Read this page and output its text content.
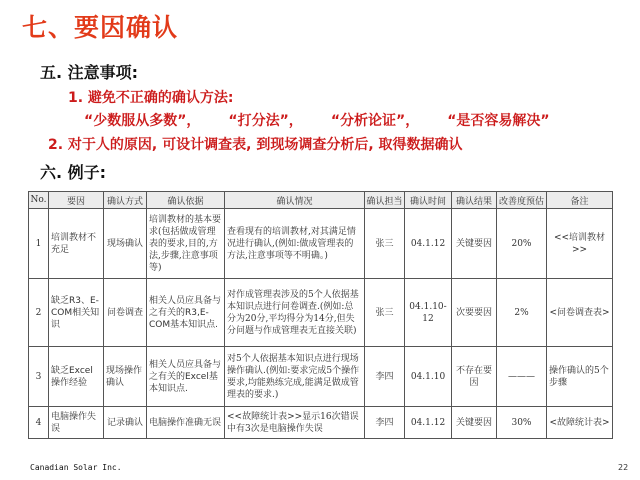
七、要因确认
五. 注意事项:
1. 避免不正确的确认方法:
“少数服从多数”， “打分法”， “分析论证”， “是否容易解决”
2. 对于人的原因, 可设计调查表, 到现场调查分析后, 取得数据确认
六. 例子:
No.	要因	确认方式	确认依据	确认情况	确认担当	确认时间	确认结果	改善度预估	备注
1	培训教材不充足	现场确认	培训教材的基本要求(包括做成管理表的要求,目的,方法,步骤,注意事项等)	查看现有的培训教材,对其满足情况进行确认,(例如:做成管理表的方法,注意事项等不明确。)	张三	04.1.12	关键要因	20%	<<培训教材>>
2	缺乏R3、E-COM相关知识	问卷调查	相关人员应具备与之有关的R3,E-COM基本知识点.	对作成管理表涉及的5个人依据基本知识点进行问卷调查.(例如:总分为20分,平均得分为14分,但失分问题与作成管理表无直接关联)	张三	04.1.10-12	次要要因	2%	<问卷调查表>
3	缺乏Excel操作经验	现场操作确认	相关人员应具备与之有关的Excel基本知识点.	对5个人依据基本知识点进行现场操作确认.(例如:要求完成5个操作要求,均能熟练完成,能满足做成管理表的要求.)	李四	04.1.10	不存在要因	———	操作确认的5个步骤
4	电脑操作失误	记录确认	电脑操作准确无误	<<故障统计表>>显示16次错误中有3次是电脑操作失误	李四	04.1.12	关键要因	30%	<故障统计表>
Canadian Solar Inc.	22
